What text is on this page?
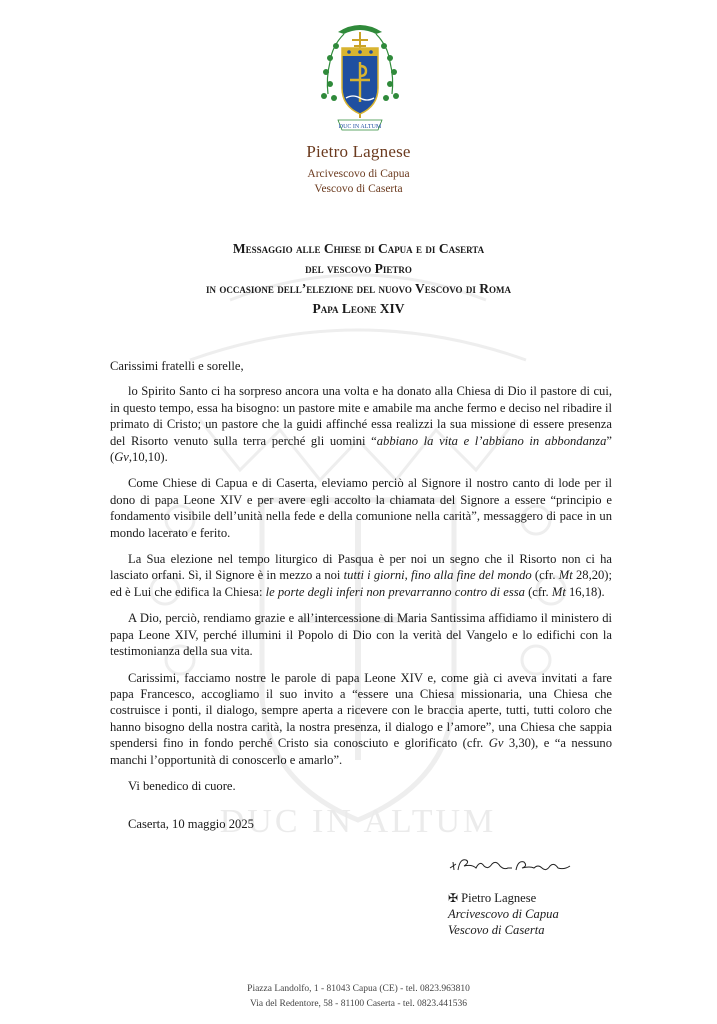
DUC IN ALTUM
DUC IN ALTUM
Pietro Lagnese
Arcivescovo di Capua
Vescovo di Caserta
Messaggio alle Chiese di Capua e di Caserta
del vescovo Pietro
in occasione dell’elezione del nuovo Vescovo di Roma
Papa Leone XIV

Carissimi fratelli e sorelle,

lo Spirito Santo ci ha sorpreso ancora una volta e ha donato alla Chiesa di Dio il pastore di cui, in questo tempo, essa ha bisogno: un pastore mite e amabile ma anche fermo e deciso nel ribadire il primato di Cristo; un pastore che la guidi affinché essa realizzi la sua missione di essere presenza del Risorto venuto sulla terra perché gli uomini “abbiano la vita e l’abbiano in abbondanza” (Gv,10,10).

Come Chiese di Capua e di Caserta, eleviamo perciò al Signore il nostro canto di lode per il dono di papa Leone XIV e per avere egli accolto la chiamata del Signore a essere “principio e fondamento visibile dell’unità nella fede e della comunione nella carità”, messaggero di pace in un mondo lacerato e ferito.

La Sua elezione nel tempo liturgico di Pasqua è per noi un segno che il Risorto non ci ha lasciato orfani. Sì, il Signore è in mezzo a noi tutti i giorni, fino alla fine del mondo (cfr. Mt 28,20); ed è Lui che edifica la Chiesa: le porte degli inferi non prevarranno contro di essa (cfr. Mt 16,18).

A Dio, perciò, rendiamo grazie e all’intercessione di Maria Santissima affidiamo il ministero di papa Leone XIV, perché illumini il Popolo di Dio con la verità del Vangelo e lo edifichi con la testimonianza della sua vita.

Carissimi, facciamo nostre le parole di papa Leone XIV e, come già ci aveva invitati a fare papa Francesco, accogliamo il suo invito a “essere una Chiesa missionaria, una Chiesa che costruisce i ponti, il dialogo, sempre aperta a ricevere con le braccia aperte, tutti, tutti coloro che hanno bisogno della nostra carità, la nostra presenza, il dialogo e l’amore”, una Chiesa che sappia spendersi fino in fondo perché Cristo sia conosciuto e glorificato (cfr. Gv 3,30), e “a nessuno manchi l’opportunità di conoscerlo e amarlo”.

Vi benedico di cuore.

Caserta, 10 maggio 2025

✠ Pietro Lagnese
Arcivescovo di Capua
Vescovo di Caserta
Piazza Landolfo, 1 - 81043 Capua (CE) - tel. 0823.963810
Via del Redentore, 58 - 81100 Caserta - tel. 0823.441536
